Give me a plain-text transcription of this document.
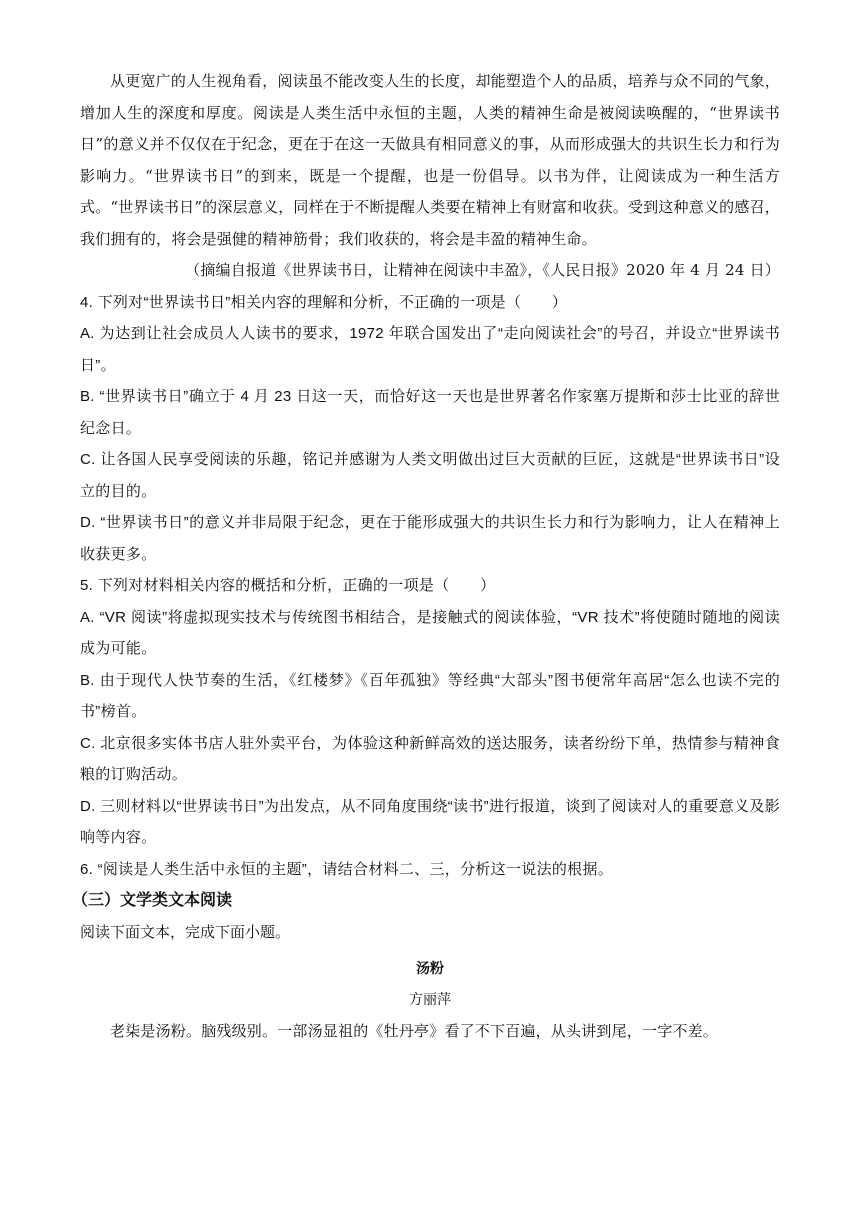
从更宽广的人生视角看，阅读虽不能改变人生的长度，却能塑造个人的品质，培养与众不同的气象，增加人生的深度和厚度。阅读是人类生活中永恒的主题，人类的精神生命是被阅读唤醒的，“世界读书日”的意义并不仅仅在于纪念，更在于在这一天做具有相同意义的事，从而形成强大的共识生长力和行为影响力。“世界读书日”的到来，既是一个提醒，也是一份倡导。以书为伴，让阅读成为一种生活方式。“世界读书日”的深层意义，同样在于不断提醒人类要在精神上有财富和收获。受到这种意义的感召，我们拥有的，将会是强健的精神筋骨；我们收获的，将会是丰盈的精神生命。

（摘编自报道《世界读书日，让精神在阅读中丰盈》，《人民日报》2020 年 4 月 24 日）

4. 下列对“世界读书日”相关内容的理解和分析，不正确的一项是（　　）

A. 为达到让社会成员人人读书的要求，1972 年联合国发出了“走向阅读社会”的号召，并设立“世界读书日”。

B. “世界读书日”确立于 4 月 23 日这一天，而恰好这一天也是世界著名作家塞万提斯和莎士比亚的辞世纪念日。

C. 让各国人民享受阅读的乐趣，铭记并感谢为人类文明做出过巨大贡献的巨匠，这就是“世界读书日”设立的目的。

D. “世界读书日”的意义并非局限于纪念，更在于能形成强大的共识生长力和行为影响力，让人在精神上收获更多。

5. 下列对材料相关内容的概括和分析，正确的一项是（　　）

A. “VR 阅读”将虚拟现实技术与传统图书相结合，是接触式的阅读体验，“VR 技术”将使随时随地的阅读成为可能。

B. 由于现代人快节奏的生活，《红楼梦》《百年孤独》等经典“大部头”图书便常年高居“怎么也读不完的书”榜首。

C. 北京很多实体书店人驻外卖平台，为体验这种新鲜高效的送达服务，读者纷纷下单，热情参与精神食粮的订购活动。

D. 三则材料以“世界读书日”为出发点，从不同角度围绕“读书”进行报道，谈到了阅读对人的重要意义及影响等内容。

6. “阅读是人类生活中永恒的主题”，请结合材料二、三，分析这一说法的根据。

（三）文学类文本阅读

阅读下面文本，完成下面小题。

汤粉

方丽萍

老柒是汤粉。脑残级别。一部汤显祖的《牡丹亭》看了不下百遍，从头讲到尾，一字不差。
